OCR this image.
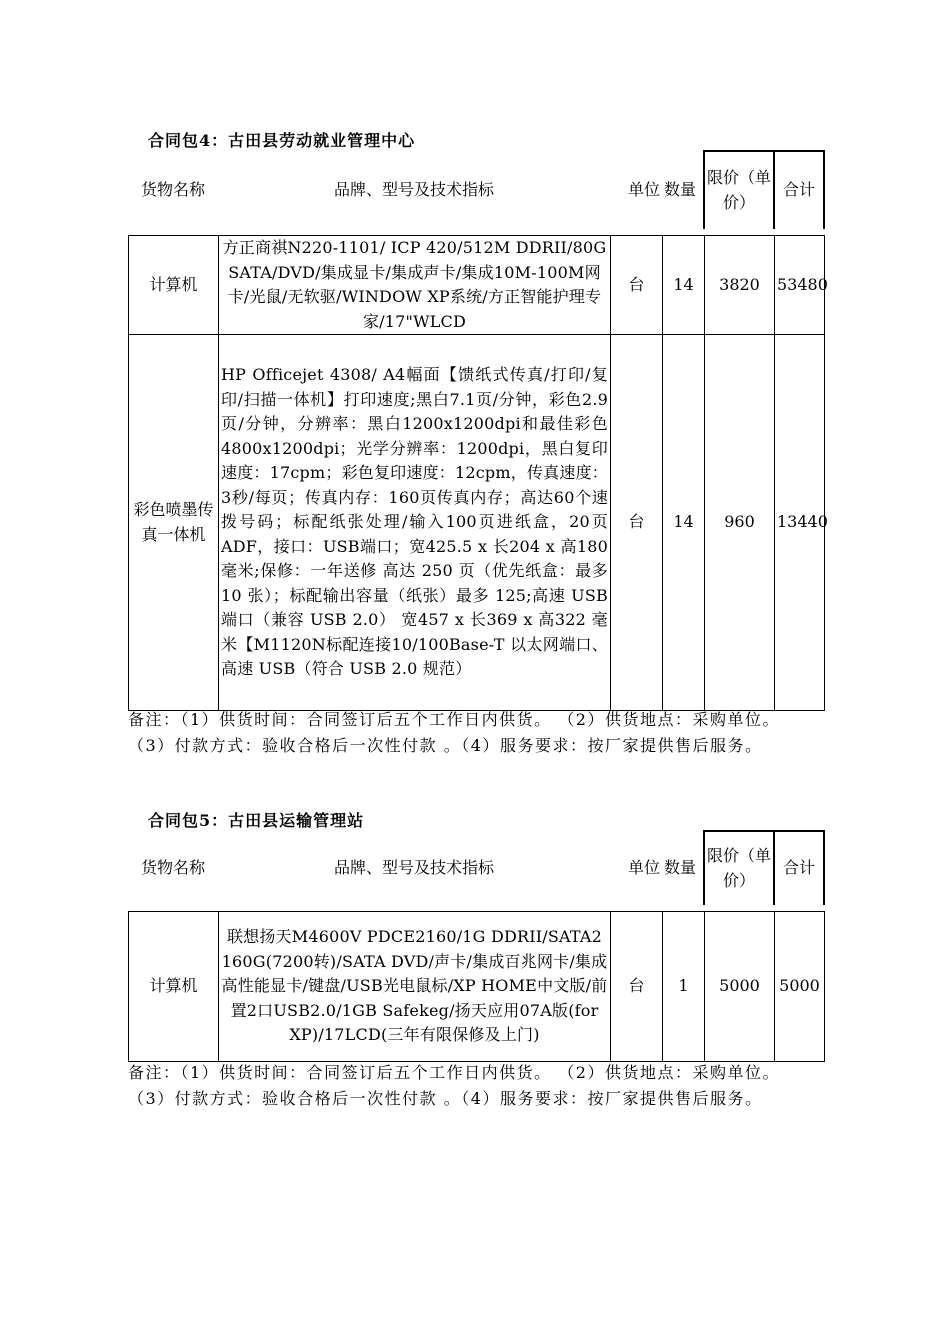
合同包4：古田县劳动就业管理中心
货物名称	品牌、型号及技术指标	单位	数量	限价（单价）	合计
计算机	方正商祺N220-1101/ ICP 420/512M DDRII/80G SATA/DVD/集成显卡/集成声卡/集成10M-100M网卡/光鼠/无软驱/WINDOW XP系统/方正智能护理专家/17"WLCD	台	14	3820	53480
彩色喷墨传真一体机	HP Officejet 4308/ A4幅面【馈纸式传真/打印/复印/扫描一体机】打印速度;黑白7.1页/分钟，彩色2.9页/分钟，分辨率：黑白1200x1200dpi和最佳彩色4800x1200dpi；光学分辨率：1200dpi，黑白复印速度：17cpm；彩色复印速度：12cpm，传真速度：3秒/每页；传真内存：160页传真内存；高达60个速拨号码；标配纸张处理/输入100页进纸盒，20页ADF，接口：USB端口；宽425.5 x 长204 x 高180 毫米;保修：一年送修 高达 250 页（优先纸盒：最多 10 张）；标配输出容量（纸张）最多 125;高速 USB 端口（兼容 USB 2.0） 宽457 x 长369 x 高322 毫米【M1120N标配连接10/100Base-T 以太网端口、高速 USB（符合 USB 2.0 规范）	台	14	960	13440
备注：（1）供货时间：合同签订后五个工作日内供货。 （2）供货地点：采购单位。 （3）付款方式：验收合格后一次性付款 。（4）服务要求：按厂家提供售后服务。
合同包5：古田县运输管理站
货物名称	品牌、型号及技术指标	单位	数量	限价（单价）	合计
计算机	联想扬天M4600V PDCE2160/1G DDRII/SATA2 160G(7200转)/SATA DVD/声卡/集成百兆网卡/集成高性能显卡/键盘/USB光电鼠标/XP HOME中文版/前置2口USB2.0/1GB Safekeg/扬天应用07A版(for XP)/17LCD(三年有限保修及上门)	台	1	5000	5000
备注：（1）供货时间：合同签订后五个工作日内供货。 （2）供货地点：采购单位。 （3）付款方式：验收合格后一次性付款 。（4）服务要求：按厂家提供售后服务。
